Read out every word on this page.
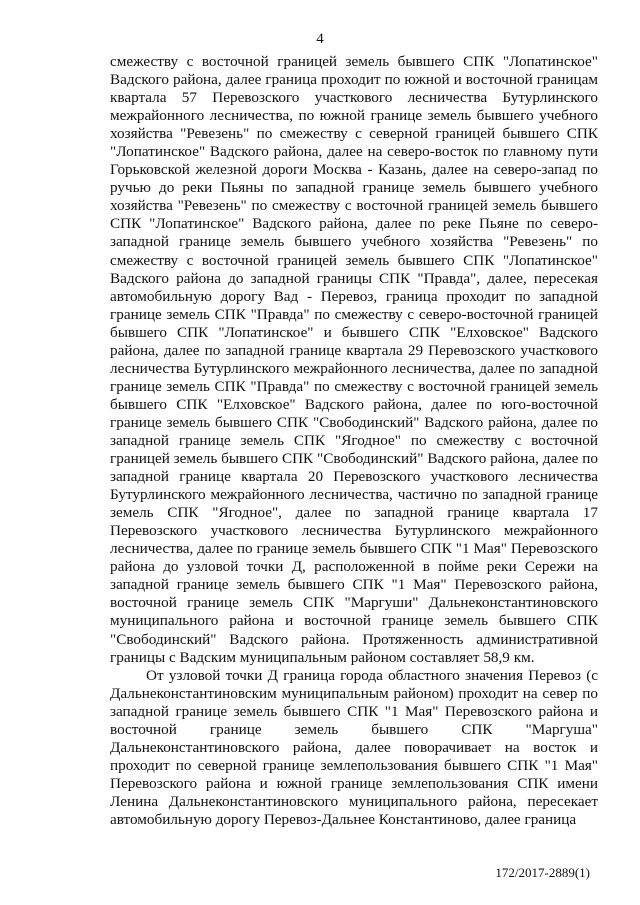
4

смежеству с восточной границей земель бывшего СПК "Лопатинское" Вадского района, далее граница проходит по южной и восточной границам квартала 57 Перевозского участкового лесничества Бутурлинского межрайонного лесничества, по южной границе земель бывшего учебного хозяйства "Ревезень" по смежеству с северной границей бывшего СПК "Лопатинское" Вадского района, далее на северо-восток по главному пути Горьковской железной дороги Москва - Казань, далее на северо-запад по ручью до реки Пьяны по западной границе земель бывшего учебного хозяйства "Ревезень" по смежеству с восточной границей земель бывшего СПК "Лопатинское" Вадского района, далее по реке Пьяне по северо-западной границе земель бывшего учебного хозяйства "Ревезень" по смежеству с восточной границей земель бывшего СПК "Лопатинское" Вадского района до западной границы СПК "Правда", далее, пересекая автомобильную дорогу Вад - Перевоз, граница проходит по западной границе земель СПК "Правда" по смежеству с северо-восточной границей бывшего СПК "Лопатинское" и бывшего СПК "Елховское" Вадского района, далее по западной границе квартала 29 Перевозского участкового лесничества Бутурлинского межрайонного лесничества, далее по западной границе земель СПК "Правда" по смежеству с восточной границей земель бывшего СПК "Елховское" Вадского района, далее по юго-восточной границе земель бывшего СПК "Свободинский" Вадского района, далее по западной границе земель СПК "Ягодное" по смежеству с восточной границей земель бывшего СПК "Свободинский" Вадского района, далее по западной границе квартала 20 Перевозского участкового лесничества Бутурлинского межрайонного лесничества, частично по западной границе земель СПК "Ягодное", далее по западной границе квартала 17 Перевозского участкового лесничества Бутурлинского межрайонного лесничества, далее по границе земель бывшего СПК "1 Мая" Перевозского района до узловой точки Д, расположенной в пойме реки Сережи на западной границе земель бывшего СПК "1 Мая" Перевозского района, восточной границе земель СПК "Маргуши" Дальнеконстантиновского муниципального района и восточной границе земель бывшего СПК "Свободинский" Вадского района. Протяженность административной границы с Вадским муниципальным районом составляет 58,9 км.

От узловой точки Д граница города областного значения Перевоз (с Дальнеконстантиновским муниципальным районом) проходит на север по западной границе земель бывшего СПК "1 Мая" Перевозского района и восточной границе земель бывшего СПК "Маргуша" Дальнеконстантиновского района, далее поворачивает на восток и проходит по северной границе землепользования бывшего СПК "1 Мая" Перевозского района и южной границе землепользования СПК имени Ленина Дальнеконстантиновского муниципального района, пересекает автомобильную дорогу Перевоз-Дальнее Константиново, далее граница

172/2017-2889(1)
